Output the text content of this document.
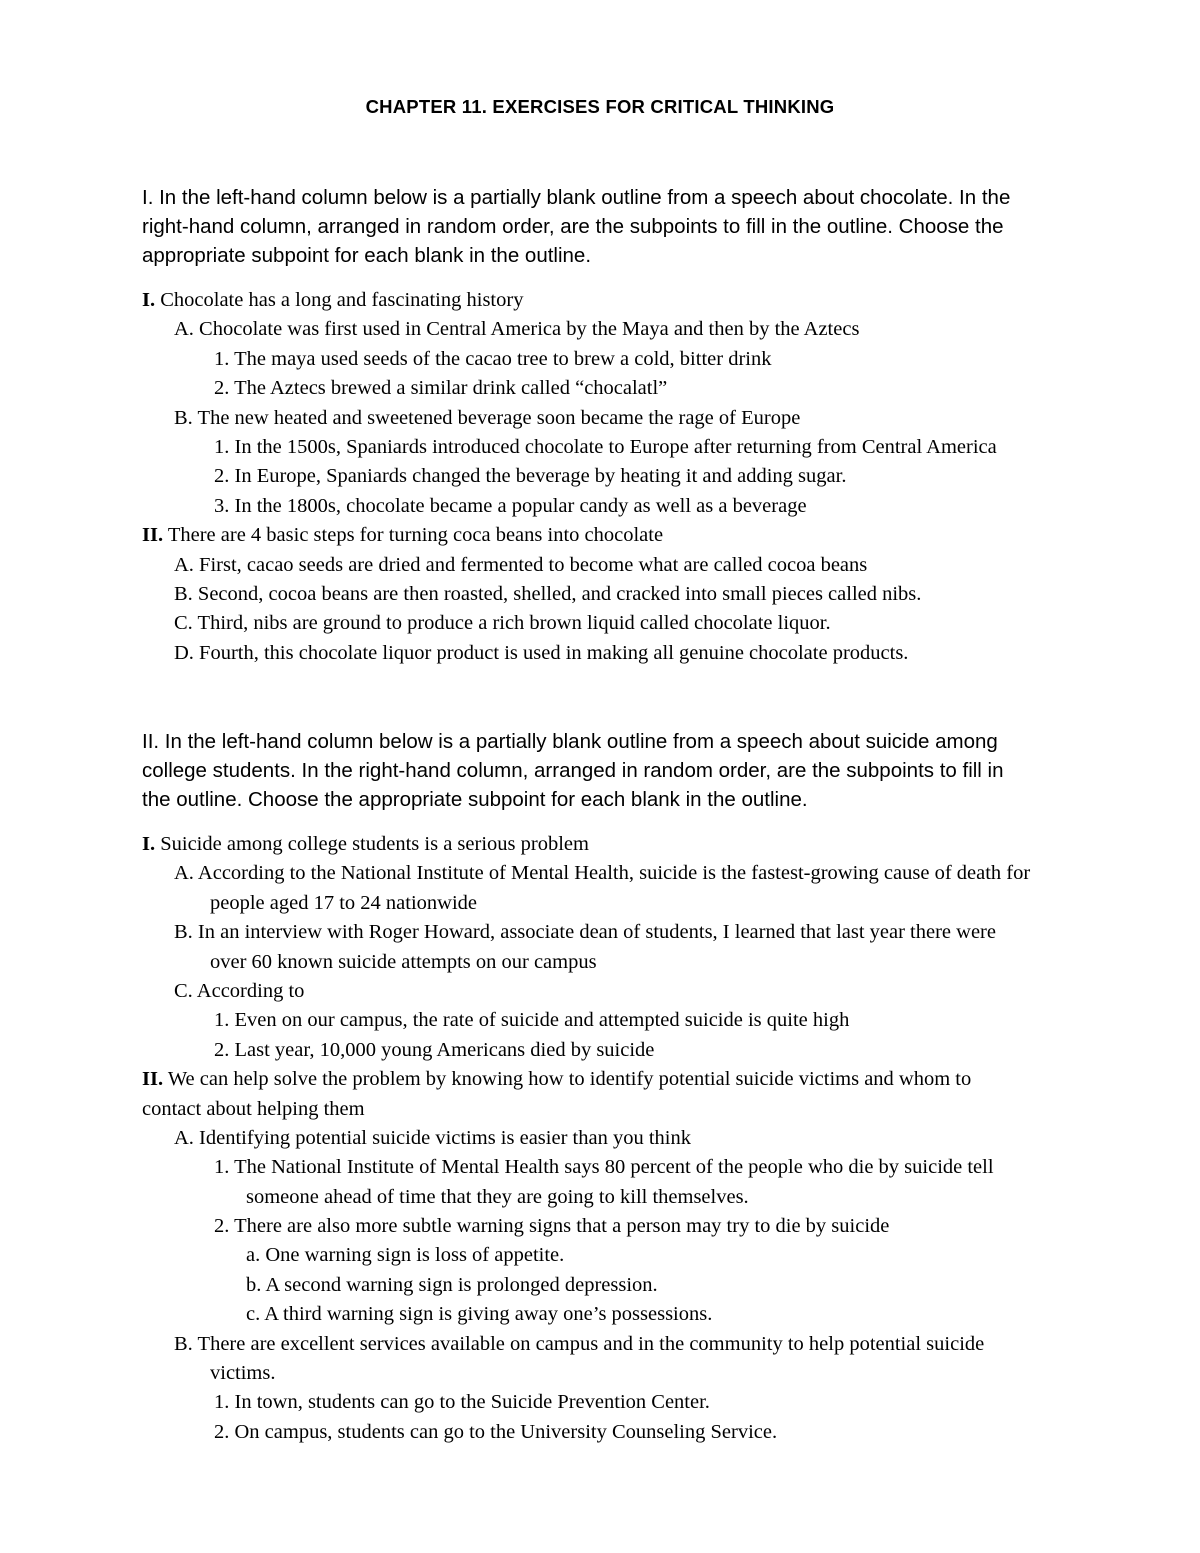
CHAPTER 11. EXERCISES FOR CRITICAL THINKING
I. In the left-hand column below is a partially blank outline from a speech about chocolate. In the
right-hand column, arranged in random order, are the subpoints to fill in the outline. Choose the
appropriate subpoint for each blank in the outline.
I. Chocolate has a long and fascinating history
A. Chocolate was first used in Central America by the Maya and then by the Aztecs
1. The maya used seeds of the cacao tree to brew a cold, bitter drink
2. The Aztecs brewed a similar drink called “chocalatl”
B. The new heated and sweetened beverage soon became the rage of Europe
1. In the 1500s, Spaniards introduced chocolate to Europe after returning from Central America
2. In Europe, Spaniards changed the beverage by heating it and adding sugar.
3. In the 1800s, chocolate became a popular candy as well as a beverage
II. There are 4 basic steps for turning coca beans into chocolate
A. First, cacao seeds are dried and fermented to become what are called cocoa beans
B. Second, cocoa beans are then roasted, shelled, and cracked into small pieces called nibs.
C. Third, nibs are ground to produce a rich brown liquid called chocolate liquor.
D. Fourth, this chocolate liquor product is used in making all genuine chocolate products.
II. In the left-hand column below is a partially blank outline from a speech about suicide among
college students. In the right-hand column, arranged in random order, are the subpoints to fill in
the outline. Choose the appropriate subpoint for each blank in the outline.
I. Suicide among college students is a serious problem
A. According to the National Institute of Mental Health, suicide is the fastest-growing cause of death for
people aged 17 to 24 nationwide
B. In an interview with Roger Howard, associate dean of students, I learned that last year there were
over 60 known suicide attempts on our campus
C. According to
1. Even on our campus, the rate of suicide and attempted suicide is quite high
2. Last year, 10,000 young Americans died by suicide
II. We can help solve the problem by knowing how to identify potential suicide victims and whom to
contact about helping them
A. Identifying potential suicide victims is easier than you think
1. The National Institute of Mental Health says 80 percent of the people who die by suicide tell
someone ahead of time that they are going to kill themselves.
2. There are also more subtle warning signs that a person may try to die by suicide
a. One warning sign is loss of appetite.
b. A second warning sign is prolonged depression.
c. A third warning sign is giving away one’s possessions.
B. There are excellent services available on campus and in the community to help potential suicide
victims.
1. In town, students can go to the Suicide Prevention Center.
2. On campus, students can go to the University Counseling Service.
